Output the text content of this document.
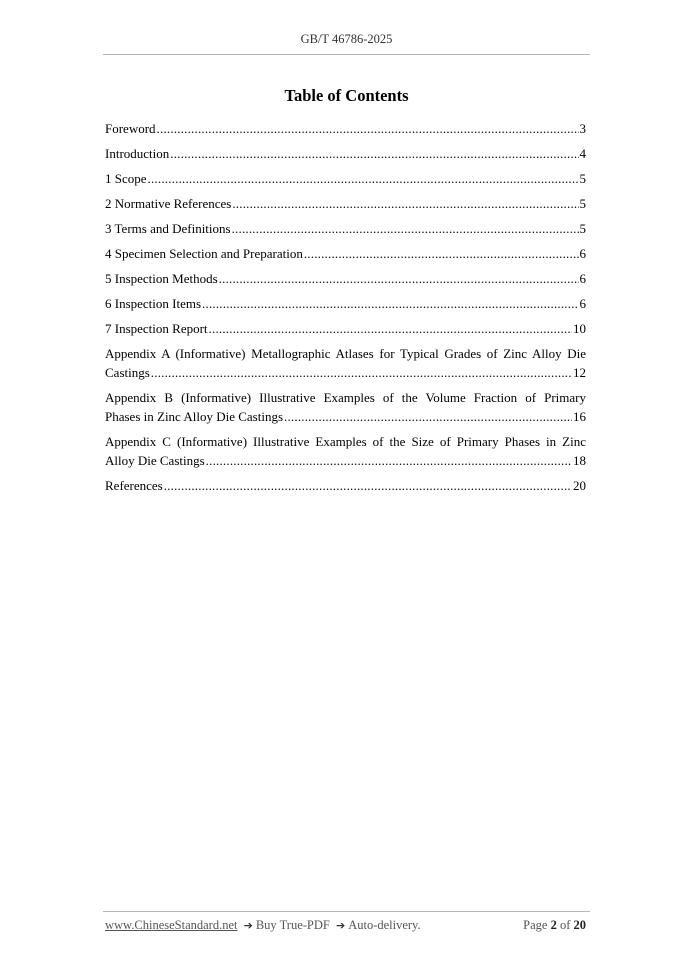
GB/T 46786-2025
Table of Contents
Foreword .....	3
Introduction .....	4
1 Scope .....	5
2 Normative References .....	5
3 Terms and Definitions .....	5
4 Specimen Selection and Preparation .....	6
5 Inspection Methods .....	6
6 Inspection Items .....	6
7 Inspection Report .....	10
Appendix A (Informative) Metallographic Atlases for Typical Grades of Zinc Alloy Die
Castings .....	12
Appendix B (Informative) Illustrative Examples of the Volume Fraction of Primary
Phases in Zinc Alloy Die Castings .....	16
Appendix C (Informative) Illustrative Examples of the Size of Primary Phases in Zinc
Alloy Die Castings .....	18
References .....	20
www.ChineseStandard.net ➔ Buy True-PDF ➔ Auto-delivery.	Page 2 of 20
